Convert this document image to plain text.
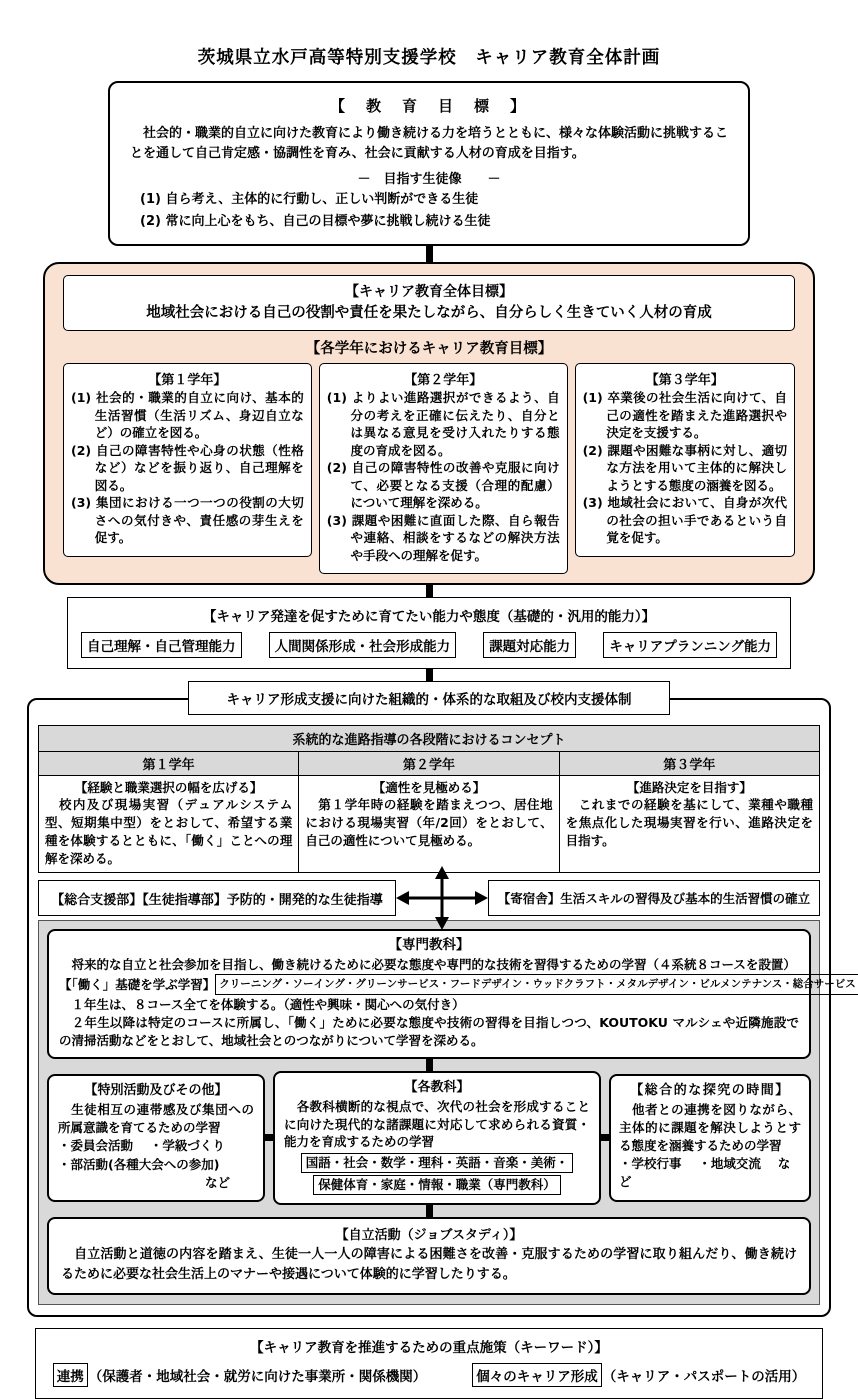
茨城県立水戸高等特別支援学校　キャリア教育全体計画
【　教　育　目　標　】
　社会的・職業的自立に向けた教育により働き続ける力を培うとともに、様々な体験活動に挑戦することを通して自己肯定感・協調性を育み、社会に貢献する人材の育成を目指す。
－　目指す生徒像　　－
(1) 自ら考え、主体的に行動し、正しい判断ができる生徒
(2) 常に向上心をもち、自己の目標や夢に挑戦し続ける生徒
【キャリア教育全体目標】
地域社会における自己の役割や責任を果たしながら、自分らしく生きていく人材の育成
【各学年におけるキャリア教育目標】
【第１学年】
(1) 社会的・職業的自立に向け、基本的生活習慣（生活リズム、身辺自立など）の確立を図る。
(2) 自己の障害特性や心身の状態（性格など）などを振り返り、自己理解を図る。
(3) 集団における一つ一つの役割の大切さへの気付きや、責任感の芽生えを促す。
【第２学年】
(1) よりよい進路選択ができるよう、自分の考えを正確に伝えたり、自分とは異なる意見を受け入れたりする態度の育成を図る。
(2) 自己の障害特性の改善や克服に向けて、必要となる支援（合理的配慮）について理解を深める。
(3) 課題や困難に直面した際、自ら報告や連絡、相談をするなどの解決方法や手段への理解を促す。
【第３学年】
(1) 卒業後の社会生活に向けて、自己の適性を踏まえた進路選択や決定を支援する。
(2) 課題や困難な事柄に対し、適切な方法を用いて主体的に解決しようとする態度の涵養を図る。
(3) 地域社会において、自身が次代の社会の担い手であるという自覚を促す。
【キャリア発達を促すために育てたい能力や態度（基礎的・汎用的能力）】
自己理解・自己管理能力	人間関係形成・社会形成能力	課題対応能力	キャリアプランニング能力
キャリア形成支援に向けた組織的・体系的な取組及び校内支援体制
系統的な進路指導の各段階におけるコンセプト		
第１学年	第２学年	第３学年

【経験と職業選択の幅を広げる】
　校内及び現場実習（デュアルシステム型、短期集中型）をとおして、希望する業種を体験するとともに、「働く」ことへの理解を深める。

【適性を見極める】
　第１学年時の経験を踏まえつつ、居住地における現場実習（年/2回）をとおして、自己の適性について見極める。

【進路決定を目指す】
　これまでの経験を基にして、業種や職種を焦点化した現場実習を行い、進路決定を目指す。
【総合支援部】【生徒指導部】予防的・開発的な生徒指導	【寄宿舎】生活スキルの習得及び基本的生活習慣の確立
【専門教科】
　将来的な自立と社会参加を目指し、働き続けるために必要な態度や専門的な技術を習得するための学習（４系統８コースを設置）
【「働く」基礎を学ぶ学習】 クリーニング・ソーイング・グリーンサービス・フードデザイン・ウッドクラフト・メタルデザイン・ビルメンテナンス・総合サービス
　１年生は、８コース全てを体験する。（適性や興味・関心への気付き）
　２年生以降は特定のコースに所属し、「働く」ために必要な態度や技術の習得を目指しつつ、KOUTOKU マルシェや近隣施設での清掃活動などをとおして、地域社会とのつながりについて学習を深める。
【特別活動及びその他】
　生徒相互の連帯感及び集団への所属意識を育てるための学習
・委員会活動　 ・学級づくり
・部活動(各種大会への参加)
など
【各教科】
　各教科横断的な視点で、次代の社会を形成することに向けた現代的な諸課題に対応して求められる資質・能力を育成するための学習
国語・社会・数学・理科・英語・音楽・美術・
保健体育・家庭・情報・職業（専門教科）
【総合的な探究の時間】
　他者との連携を図りながら、主体的に課題を解決しようとする態度を涵養するための学習
・学校行事　 ・地域交流　 など
【自立活動（ジョブスタディ）】
　自立活動と道徳の内容を踏まえ、生徒一人一人の障害による困難さを改善・克服するための学習に取り組んだり、働き続けるために必要な社会生活上のマナーや接遇について体験的に学習したりする。
【キャリア教育を推進するための重点施策（キーワード）】
連携 （保護者・地域社会・就労に向けた事業所・関係機関）	個々のキャリア形成 （キャリア・パスポートの活用）
